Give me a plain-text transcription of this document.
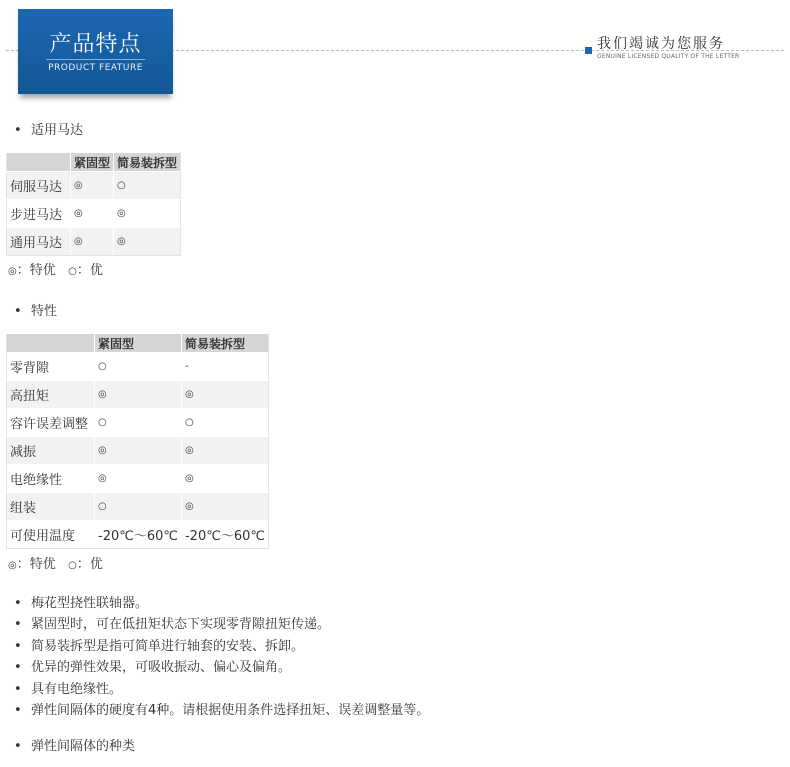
产品特点
PRODUCT FEATURE
我们竭诚为您服务
GENUINE LICENSED QUALITY OF THE LETTER
• 适用马达
	紧固型	简易装拆型
伺服马达	◎	○
步进马达	◎	◎
通用马达	◎	◎
◎：特优 ○：优
• 特性
	紧固型	简易装拆型
零背隙	○	-
高扭矩	◎	◎
容许误差调整	○	○
减振	◎	◎
电绝缘性	◎	◎
组装	○	◎
可使用温度	-20℃～60℃	-20℃～60℃
◎：特优 ○：优
• 梅花型挠性联轴器。
• 紧固型时，可在低扭矩状态下实现零背隙扭矩传递。
• 简易装拆型是指可简单进行轴套的安装、拆卸。
• 优异的弹性效果，可吸收振动、偏心及偏角。
• 具有电绝缘性。
• 弹性间隔体的硬度有4种。请根据使用条件选择扭矩、误差调整量等。
• 弹性间隔体的种类
